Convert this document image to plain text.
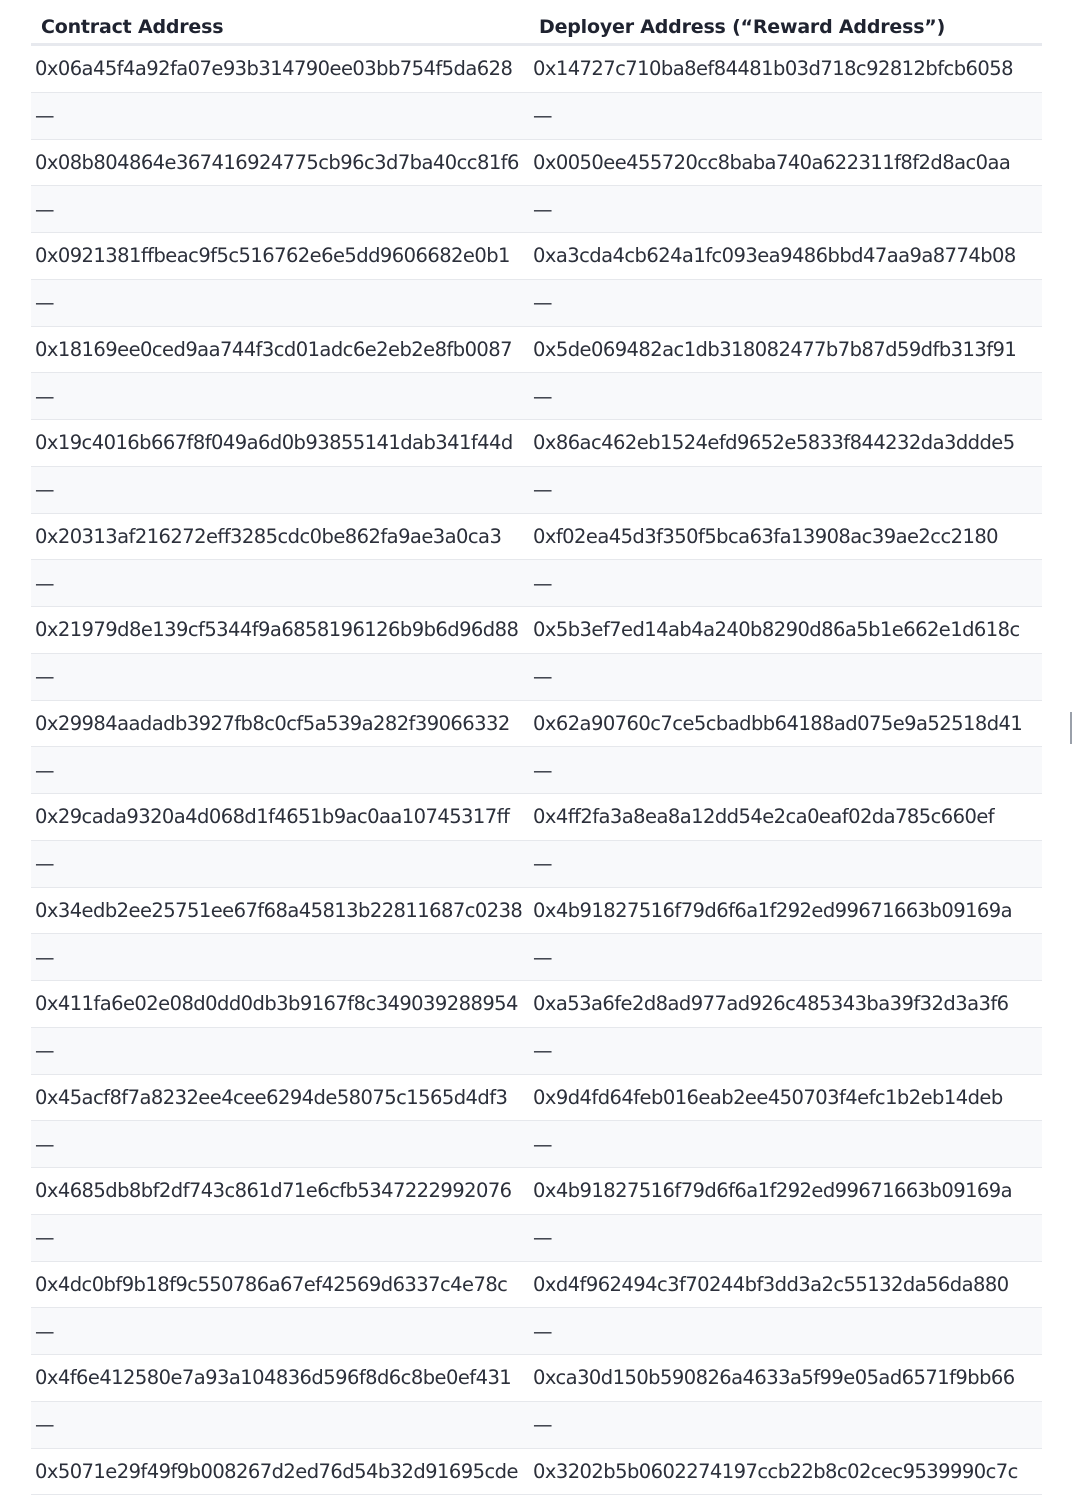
Contract Address	Deployer Address (“Reward Address”)
0x06a45f4a92fa07e93b314790ee03bb754f5da628	0x14727c710ba8ef84481b03d718c92812bfcb6058
—	—
0x08b804864e367416924775cb96c3d7ba40cc81f6 0x0050ee455720cc8baba740a622311f8f2d8ac0aa
—	—
0x0921381ffbeac9f5c516762e6e5dd9606682e0b1	0xa3cda4cb624a1fc093ea9486bbd47aa9a8774b08
—	—
0x18169ee0ced9aa744f3cd01adc6e2eb2e8fb0087	0x5de069482ac1db318082477b7b87d59dfb313f91
—	—
0x19c4016b667f8f049a6d0b93855141dab341f44d	0x86ac462eb1524efd9652e5833f844232da3ddde5
—	—
0x20313af216272eff3285cdc0be862fa9ae3a0ca3	0xf02ea45d3f350f5bca63fa13908ac39ae2cc2180
—	—
0x21979d8e139cf5344f9a6858196126b9b6d96d88 0x5b3ef7ed14ab4a240b8290d86a5b1e662e1d618c
—	—
0x29984aadadb3927fb8c0cf5a539a282f39066332	0x62a90760c7ce5cbadbb64188ad075e9a52518d41
—	—
0x29cada9320a4d068d1f4651b9ac0aa10745317ff	0x4ff2fa3a8ea8a12dd54e2ca0eaf02da785c660ef
—	—
0x34edb2ee25751ee67f68a45813b22811687c0238 0x4b91827516f79d6f6a1f292ed99671663b09169a
—	—
0x411fa6e02e08d0dd0db3b9167f8c349039288954 0xa53a6fe2d8ad977ad926c485343ba39f32d3a3f6
—	—
0x45acf8f7a8232ee4cee6294de58075c1565d4df3	0x9d4fd64feb016eab2ee450703f4efc1b2eb14deb
—	—
0x4685db8bf2df743c861d71e6cfb5347222992076	0x4b91827516f79d6f6a1f292ed99671663b09169a
—	—
0x4dc0bf9b18f9c550786a67ef42569d6337c4e78c	0xd4f962494c3f70244bf3dd3a2c55132da56da880
—	—
0x4f6e412580e7a93a104836d596f8d6c8be0ef431	0xca30d150b590826a4633a5f99e05ad6571f9bb66
—	—
0x5071e29f49f9b008267d2ed76d54b32d91695cde 0x3202b5b0602274197ccb22b8c02cec9539990c7c
